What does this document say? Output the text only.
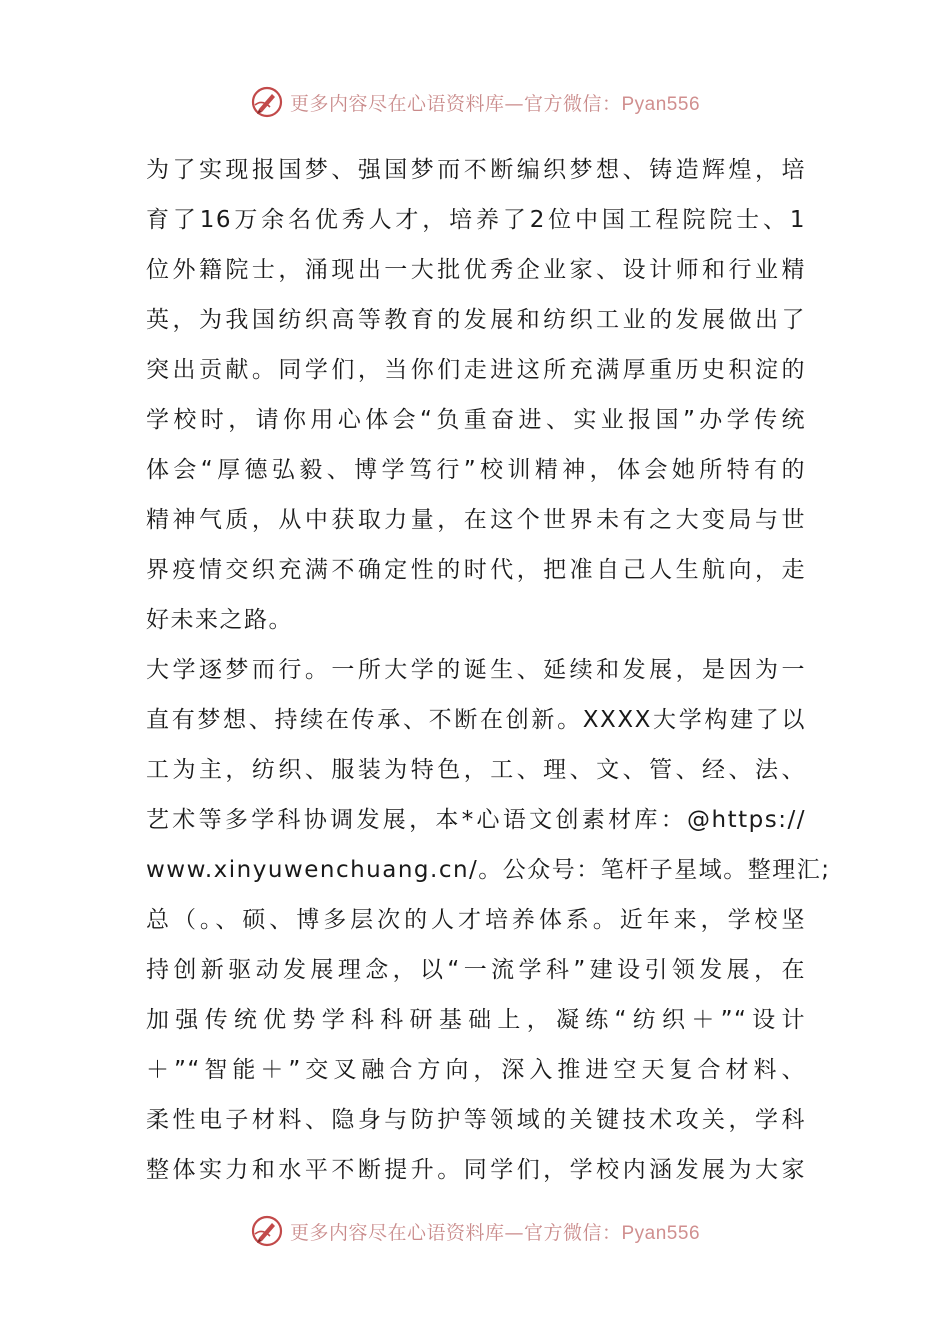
更多内容尽在心语资料库—官方微信：Pyan556
为了实现报国梦、强国梦而不断编织梦想、铸造辉煌，培
育了16万余名优秀人才，培养了2位中国工程院院士、1
位外籍院士，涌现出一大批优秀企业家、设计师和行业精
英，为我国纺织高等教育的发展和纺织工业的发展做出了
突出贡献。同学们，当你们走进这所充满厚重历史积淀的
学校时，请你用心体会“负重奋进、实业报国”办学传统
体会“厚德弘毅、博学笃行”校训精神，体会她所特有的
精神气质，从中获取力量，在这个世界未有之大变局与世
界疫情交织充满不确定性的时代，把准自己人生航向，走
好未来之路。
大学逐梦而行。一所大学的诞生、延续和发展，是因为一
直有梦想、持续在传承、不断在创新。XXXX大学构建了以
工为主，纺织、服装为特色，工、理、文、管、经、法、
艺术等多学科协调发展，本*心语文创素材库：@https://
www.xinyuwenchuang.cn/。公众号：笔杆子星域。整理汇;
总（。、硕、博多层次的人才培养体系。近年来，学校坚
持创新驱动发展理念，以“一流学科”建设引领发展，在
加强传统优势学科科研基础上，凝练“纺织＋”“设计
＋”“智能＋”交叉融合方向，深入推进空天复合材料、
柔性电子材料、隐身与防护等领域的关键技术攻关，学科
整体实力和水平不断提升。同学们，学校内涵发展为大家
更多内容尽在心语资料库—官方微信：Pyan556
